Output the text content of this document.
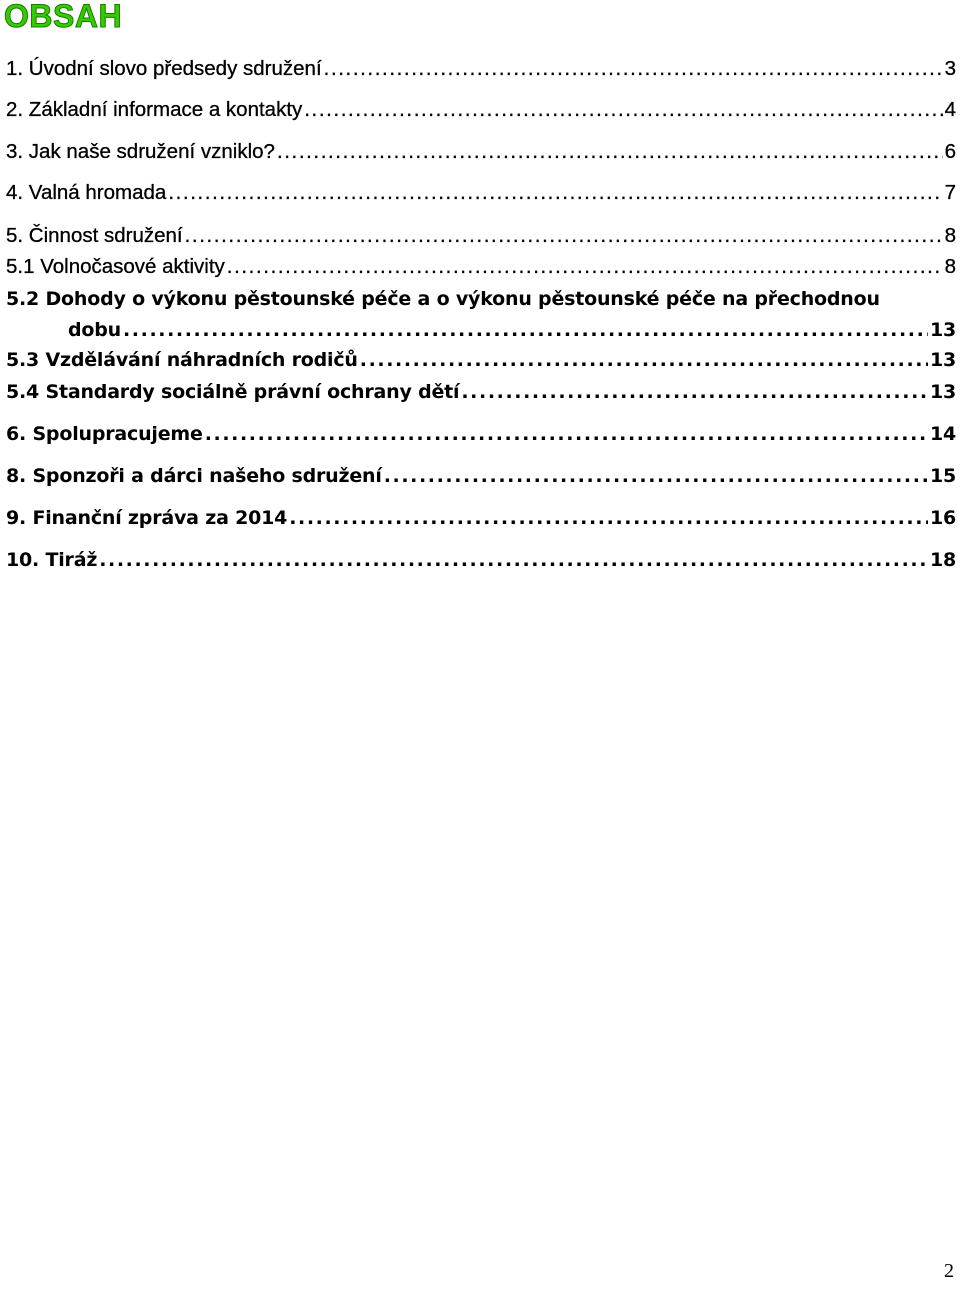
OBSAH
1. Úvodní slovo předsedy sdružení .....	3
2. Základní informace a kontakty .....	4
3. Jak naše sdružení vzniklo? .....	6
4. Valná hromada .....	7
5. Činnost sdružení .....	8
5.1 Volnočasové aktivity .....	8
5.2 Dohody o výkonu pěstounské péče a o výkonu pěstounské péče na přechodnou
dobu .....	13
5.3 Vzdělávání náhradních rodičů .....	13
5.4 Standardy sociálně právní ochrany dětí .....	13
6. Spolupracujeme .....	14
8. Sponzoři a dárci našeho sdružení .....	15
9. Finanční zpráva za 2014 .....	16
10. Tiráž .....	18
2
